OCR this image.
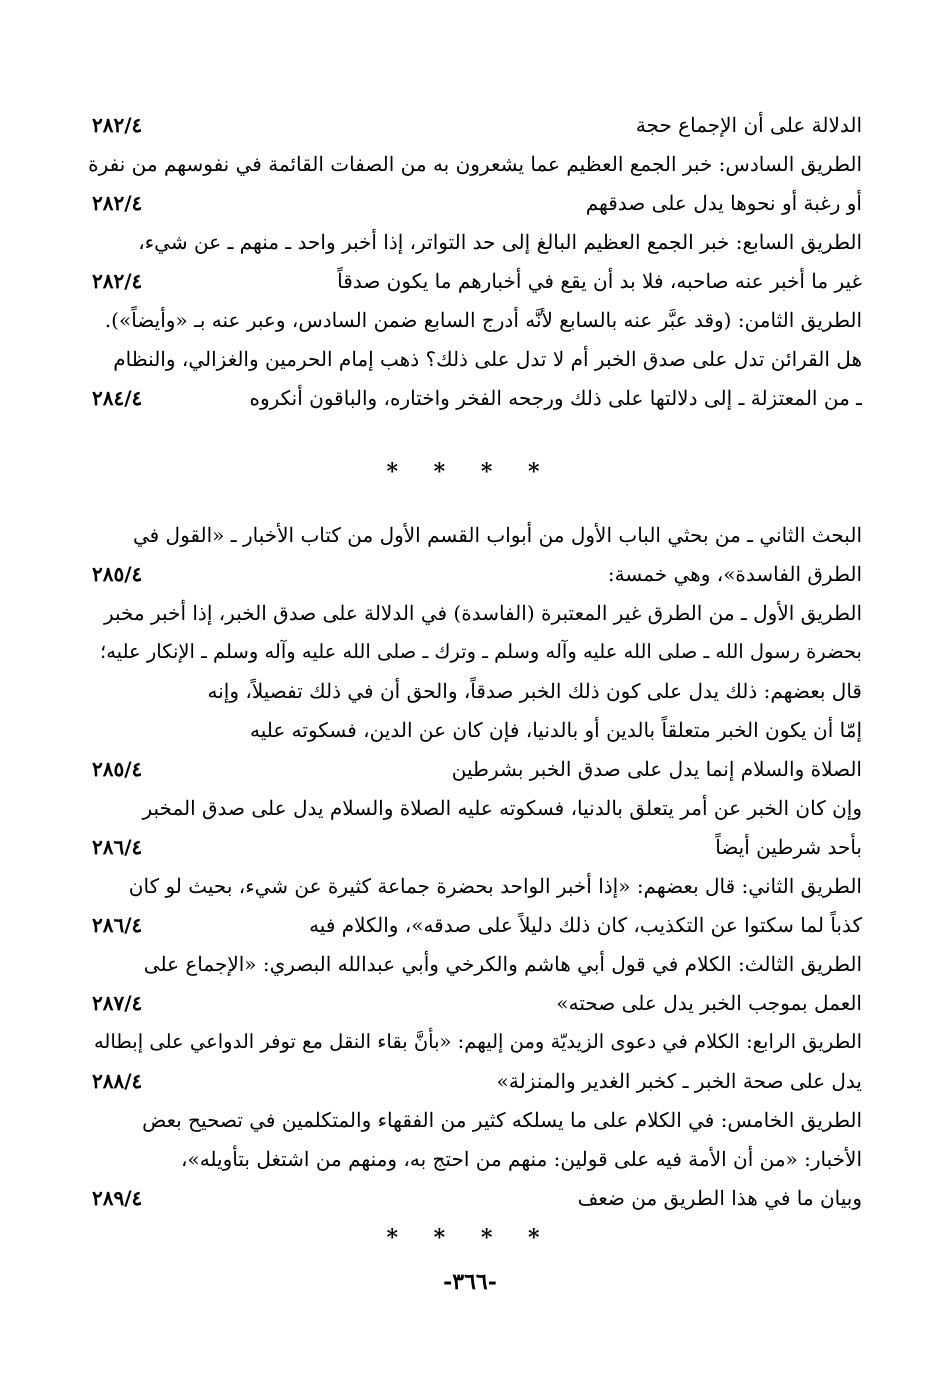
الدلالة على أن الإجماع حجة
٢٨٢/٤
الطريق السادس: خبر الجمع العظيم عما يشعرون به من الصفات القائمة في نفوسهم من نفرة
أو رغبة أو نحوها يدل على صدقهم
٢٨٢/٤
الطريق السابع: خبر الجمع العظيم البالغ إلى حد التواتر، إذا أخبر واحد ـ منهم ـ عن شيء،
غير ما أخبر عنه صاحبه، فلا بد أن يقع في أخبارهم ما يكون صدقاً
٢٨٢/٤
الطريق الثامن: (وقد عبَّر عنه بالسابع لأنَّه أدرج السابع ضمن السادس، وعبر عنه بـ «وأيضاً»).
هل القرائن تدل على صدق الخبر أم لا تدل على ذلك؟ ذهب إمام الحرمين والغزالي، والنظام
ـ من المعتزلة ـ إلى دلالتها على ذلك ورجحه الفخر واختاره، والباقون أنكروه
٢٨٤/٤
* * * *
البحث الثاني ـ من بحثي الباب الأول من أبواب القسم الأول من كتاب الأخبار ـ «القول في
الطرق الفاسدة»، وهي خمسة:
٢٨٥/٤
الطريق الأول ـ من الطرق غير المعتبرة (الفاسدة) في الدلالة على صدق الخبر، إذا أخبر مخبر
بحضرة رسول الله ـ صلى الله عليه وآله وسلم ـ وترك ـ صلى الله عليه وآله وسلم ـ الإنكار عليه؛
قال بعضهم: ذلك يدل على كون ذلك الخبر صدقاً، والحق أن في ذلك تفصيلاً، وإنه
إمّا أن يكون الخبر متعلقاً بالدين أو بالدنيا، فإن كان عن الدين، فسكوته عليه
الصلاة والسلام إنما يدل على صدق الخبر بشرطين
٢٨٥/٤
وإن كان الخبر عن أمر يتعلق بالدنيا، فسكوته عليه الصلاة والسلام يدل على صدق المخبر
بأحد شرطين أيضاً
٢٨٦/٤
الطريق الثاني: قال بعضهم: «إذا أخبر الواحد بحضرة جماعة كثيرة عن شيء، بحيث لو كان
كذباً لما سكتوا عن التكذيب، كان ذلك دليلاً على صدقه»، والكلام فيه
٢٨٦/٤
الطريق الثالث: الكلام في قول أبي هاشم والكرخي وأبي عبدالله البصري: «الإجماع على
العمل بموجب الخبر يدل على صحته»
٢٨٧/٤
الطريق الرابع: الكلام في دعوى الزيديّة ومن إليهم: «بأنَّ بقاء النقل مع توفر الدواعي على إبطاله
يدل على صحة الخبر ـ كخبر الغدير والمنزلة»
٢٨٨/٤
الطريق الخامس: في الكلام على ما يسلكه كثير من الفقهاء والمتكلمين في تصحيح بعض
الأخبار: «من أن الأمة فيه على قولين: منهم من احتج به، ومنهم من اشتغل بتأويله»،
وبيان ما في هذا الطريق من ضعف
٢٨٩/٤
* * * *
-٣٦٦-
